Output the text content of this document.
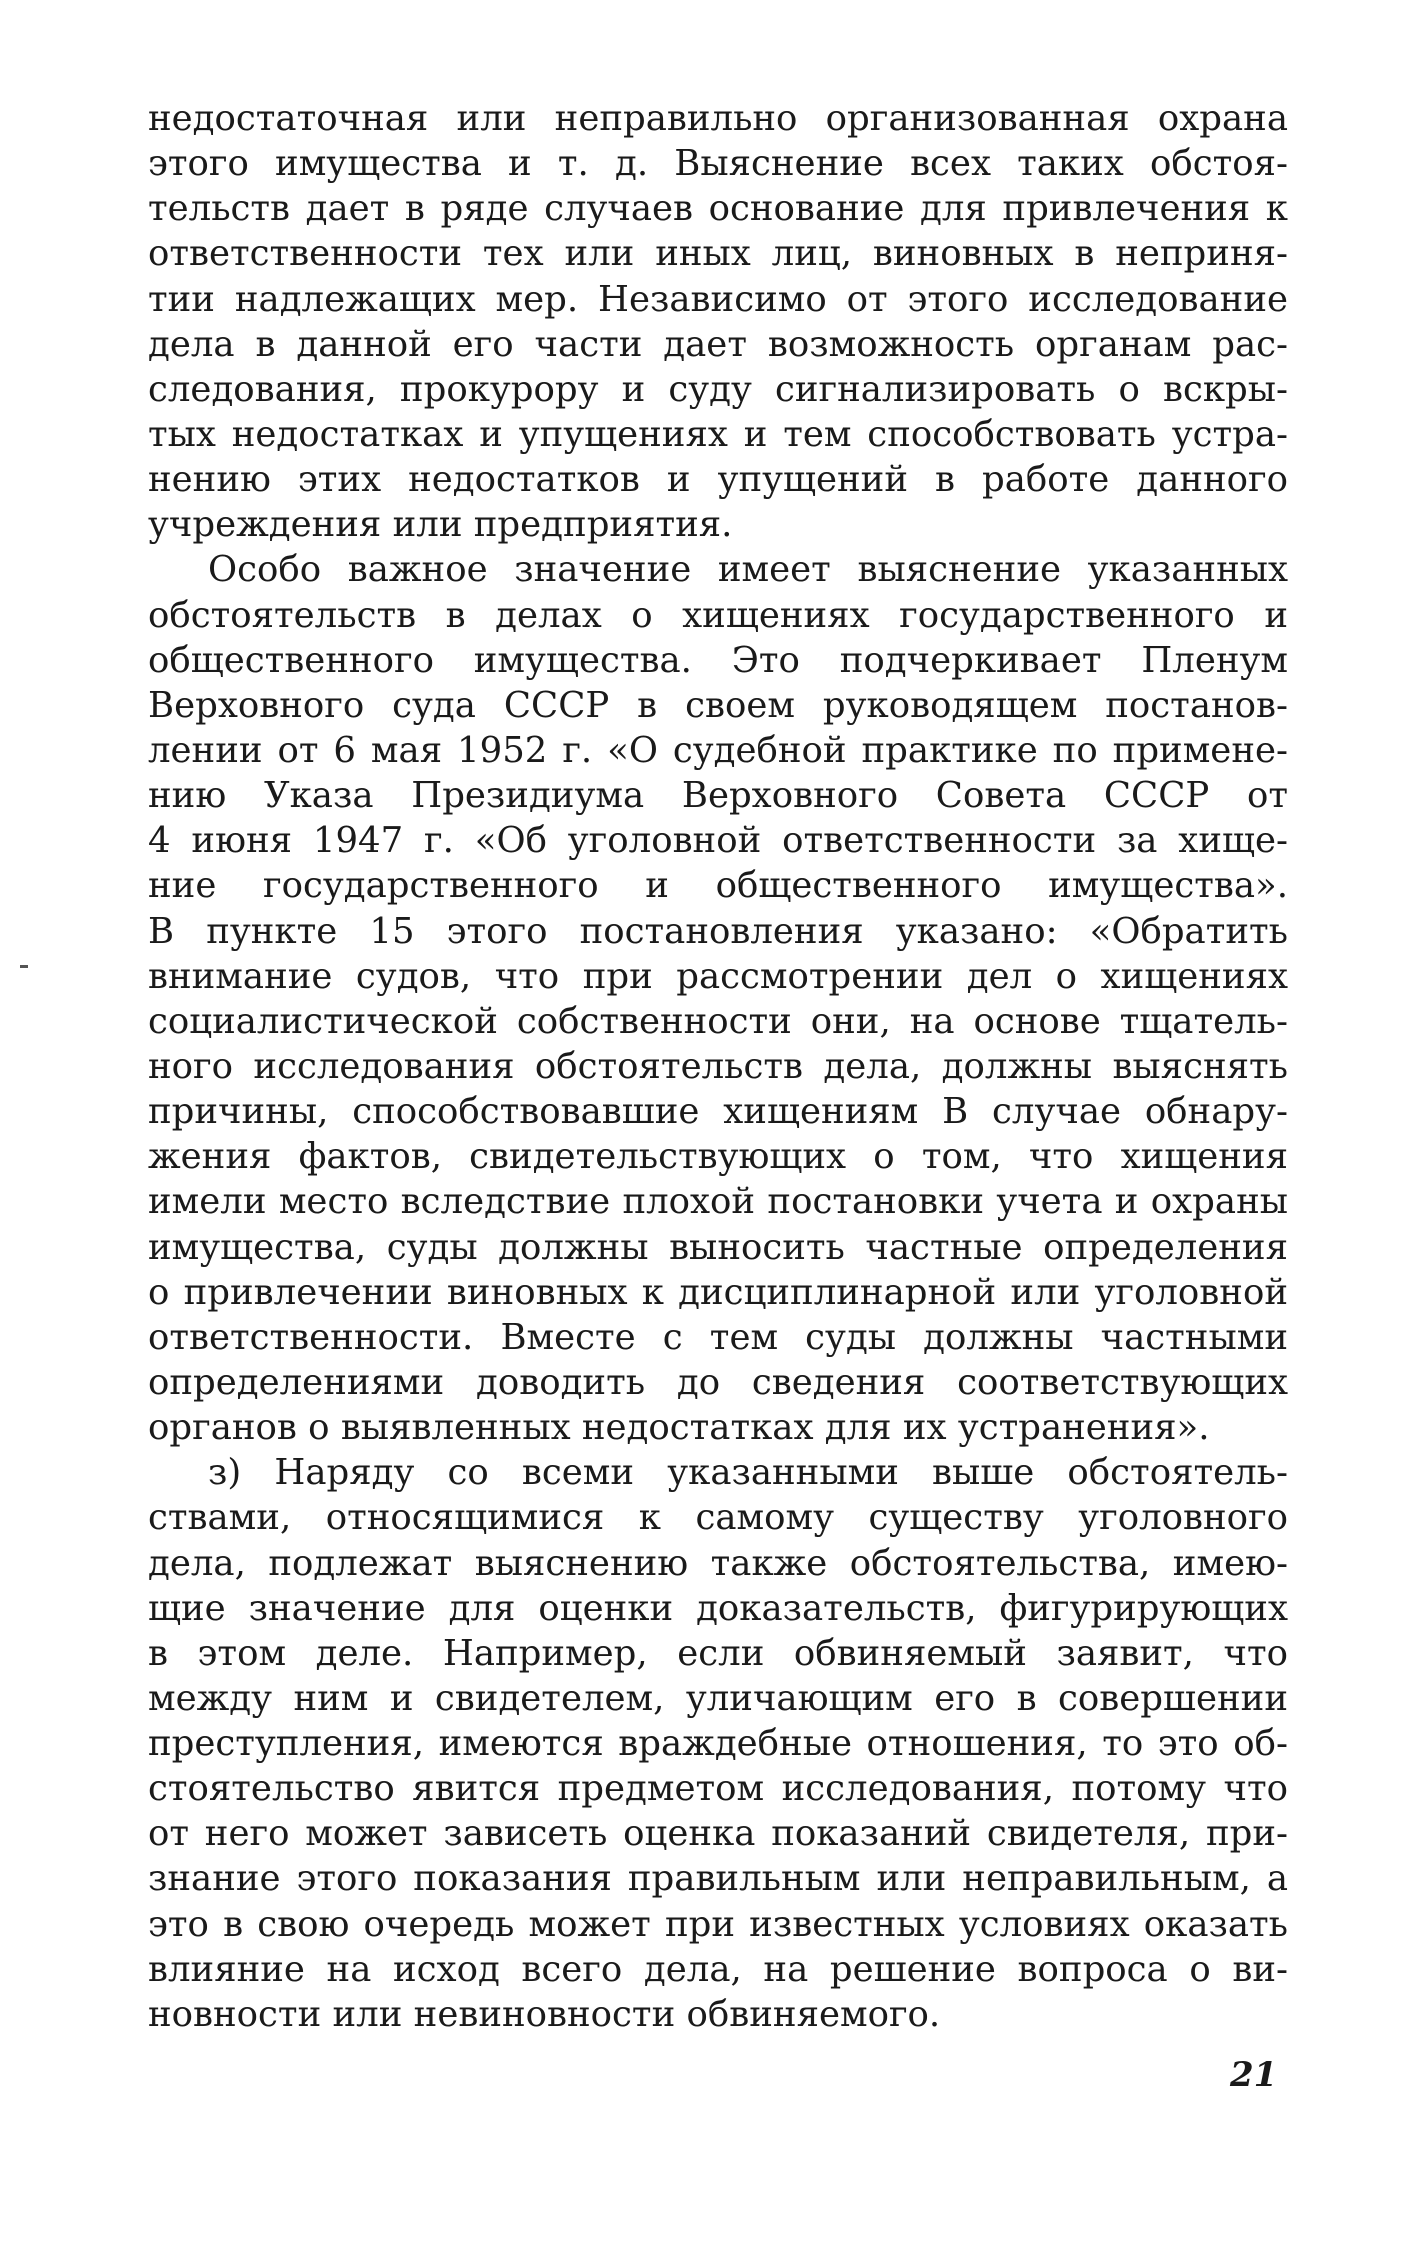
недостаточная или неправильно организованная охрана
этого имущества и т. д. Выяснение всех таких обстоя-
тельств дает в ряде случаев основание для привлечения к
ответственности тех или иных лиц, виновных в неприня-
тии надлежащих мер. Независимо от этого исследование
дела в данной его части дает возможность органам рас-
следования, прокурору и суду сигнализировать о вскры-
тых недостатках и упущениях и тем способствовать устра-
нению этих недостатков и упущений в работе данного
учреждения или предприятия.
Особо важное значение имеет выяснение указанных
обстоятельств в делах о хищениях государственного и
общественного имущества. Это подчеркивает Пленум
Верховного суда СССР в своем руководящем постанов-
лении от 6 мая 1952 г. «О судебной практике по примене-
нию Указа Президиума Верховного Совета СССР от
4 июня 1947 г. «Об уголовной ответственности за хище-
ние государственного и общественного имущества».
В пункте 15 этого постановления указано: «Обратить
внимание судов, что при рассмотрении дел о хищениях
социалистической собственности они, на основе тщатель-
ного исследования обстоятельств дела, должны выяснять
причины, способствовавшие хищениям В случае обнару-
жения фактов, свидетельствующих о том, что хищения
имели место вследствие плохой постановки учета и охраны
имущества, суды должны выносить частные определения
о привлечении виновных к дисциплинарной или уголовной
ответственности. Вместе с тем суды должны частными
определениями доводить до сведения соответствующих
органов о выявленных недостатках для их устранения».
з) Наряду со всеми указанными выше обстоятель-
ствами, относящимися к самому существу уголовного
дела, подлежат выяснению также обстоятельства, имею-
щие значение для оценки доказательств, фигурирующих
в этом деле. Например, если обвиняемый заявит, что
между ним и свидетелем, уличающим его в совершении
преступления, имеются враждебные отношения, то это об-
стоятельство явится предметом исследования, потому что
от него может зависеть оценка показаний свидетеля, при-
знание этого показания правильным или неправильным, а
это в свою очередь может при известных условиях оказать
влияние на исход всего дела, на решение вопроса о ви-
новности или невиновности обвиняемого.
21
